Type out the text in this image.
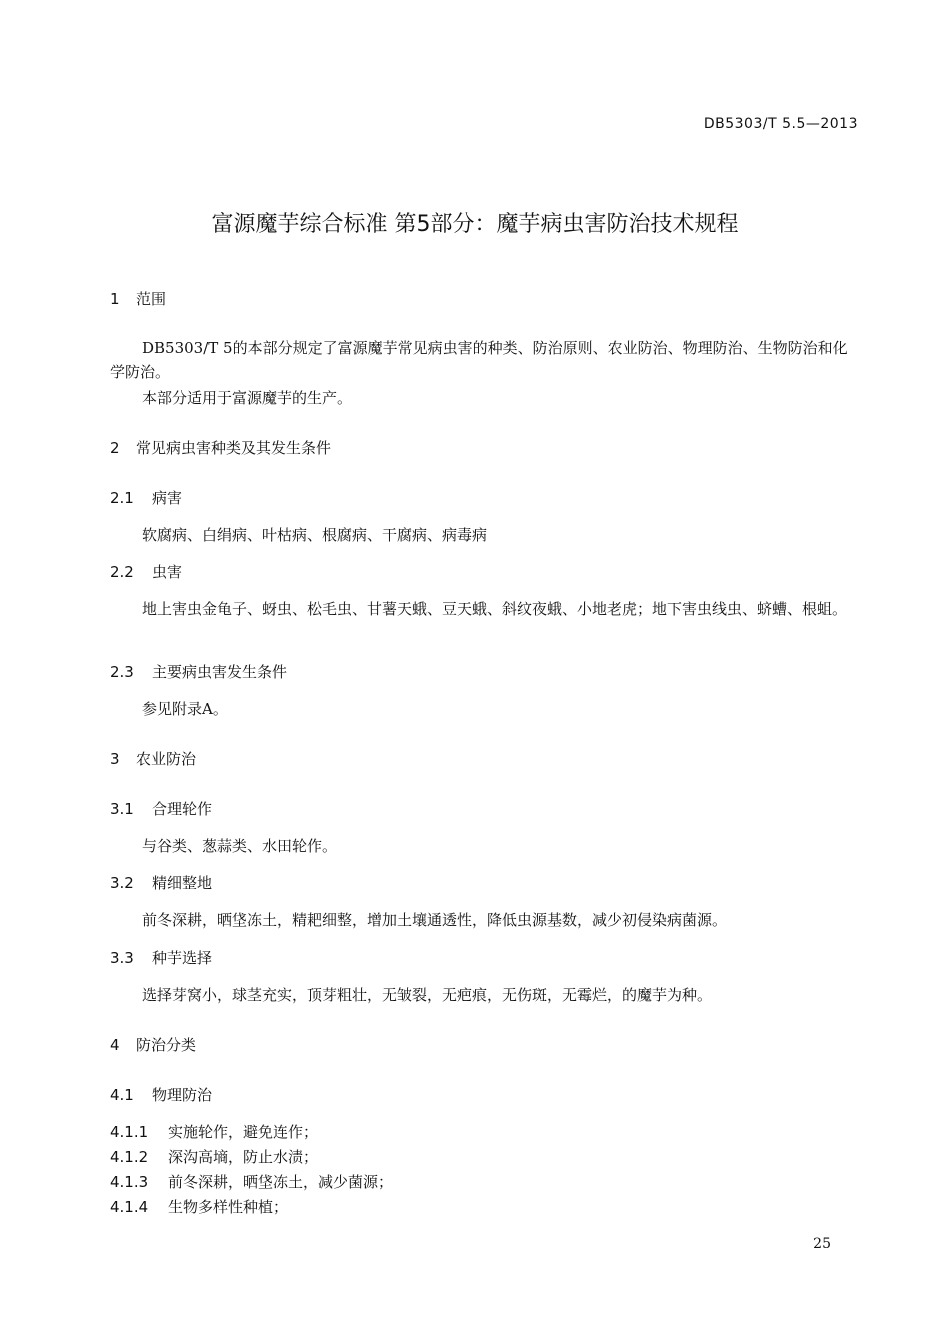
DB5303/T 5.5—2013
富源魔芋综合标准 第5部分：魔芋病虫害防治技术规程
1 范围
DB5303/T 5的本部分规定了富源魔芋常见病虫害的种类、防治原则、农业防治、物理防治、生物防治和化学防治。
本部分适用于富源魔芋的生产。
2 常见病虫害种类及其发生条件
2.1 病害
软腐病、白绢病、叶枯病、根腐病、干腐病、病毒病
2.2 虫害
地上害虫金龟子、蚜虫、松毛虫、甘薯天蛾、豆天蛾、斜纹夜蛾、小地老虎；地下害虫线虫、蛴螬、根蛆。
2.3 主要病虫害发生条件
参见附录A。
3 农业防治
3.1 合理轮作
与谷类、葱蒜类、水田轮作。
3.2 精细整地
前冬深耕，晒垡冻土，精耙细整，增加土壤通透性，降低虫源基数，减少初侵染病菌源。
3.3 种芋选择
选择芽窝小，球茎充实，顶芽粗壮，无皱裂，无疤痕，无伤斑，无霉烂，的魔芋为种。
4 防治分类
4.1 物理防治
4.1.1 实施轮作，避免连作；
4.1.2 深沟高墒，防止水渍；
4.1.3 前冬深耕，晒垡冻土，减少菌源；
4.1.4 生物多样性种植；
25
